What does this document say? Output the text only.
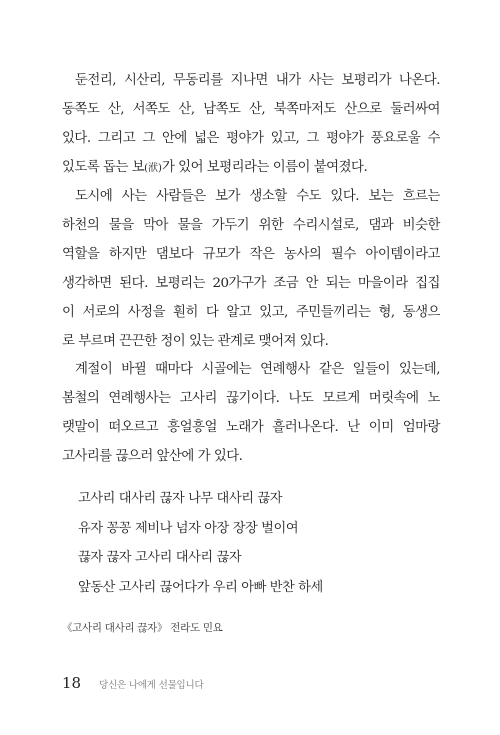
둔전리, 시산리, 무동리를 지나면 내가 사는 보평리가 나온다.
동쪽도 산, 서쪽도 산, 남쪽도 산, 북쪽마저도 산으로 둘러싸여
있다. 그리고 그 안에 넓은 평야가 있고, 그 평야가 풍요로울 수
있도록 돕는 보(洑)가 있어 보평리라는 이름이 붙여졌다.
도시에 사는 사람들은 보가 생소할 수도 있다. 보는 흐르는
하천의 물을 막아 물을 가두기 위한 수리시설로, 댐과 비슷한
역할을 하지만 댐보다 규모가 작은 농사의 필수 아이템이라고
생각하면 된다. 보평리는 20가구가 조금 안 되는 마을이라 집집
이 서로의 사정을 훤히 다 알고 있고, 주민들끼리는 형, 동생으
로 부르며 끈끈한 정이 있는 관계로 맺어져 있다.
계절이 바뀔 때마다 시골에는 연례행사 같은 일들이 있는데,
봄철의 연례행사는 고사리 끊기이다. 나도 모르게 머릿속에 노
랫말이 떠오르고 흥얼흥얼 노래가 흘러나온다. 난 이미 엄마랑
고사리를 끊으러 앞산에 가 있다.
고사리 대사리 끊자 나무 대사리 끊자
유자 꽁꽁 제비나 넘자 아장 장장 벌이여
끊자 끊자 고사리 대사리 끊자
앞동산 고사리 끊어다가 우리 아빠 반찬 하세
《고사리 대사리 끊자》 전라도 민요
18 당신은 나에게 선물입니다
